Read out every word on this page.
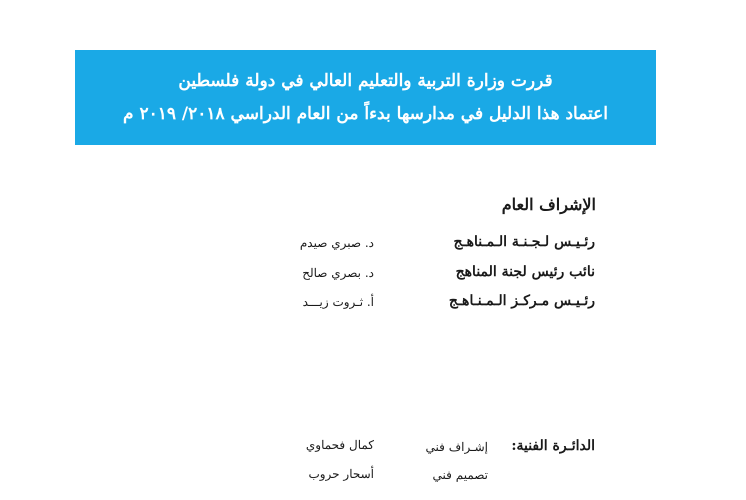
قررت وزارة التربية والتعليم العالي في دولة فلسطين
اعتماد هذا الدليل في مدارسها بدءاً من العام الدراسي ٢٠١٨/ ٢٠١٩ م
الإشراف العام
رئـيـس لـجـنـة الـمـناهـج
د. صبري صيدم
نائب رئيس لجنة المناهج
د. بصري صالح
رئـيـس مـركـز الـمـنـاهـج
أ. ثـروت زيـــد
الدائـرة الفنية:
إشـراف فني
كمال فحماوي
تصميم فني
أسحار حروب
